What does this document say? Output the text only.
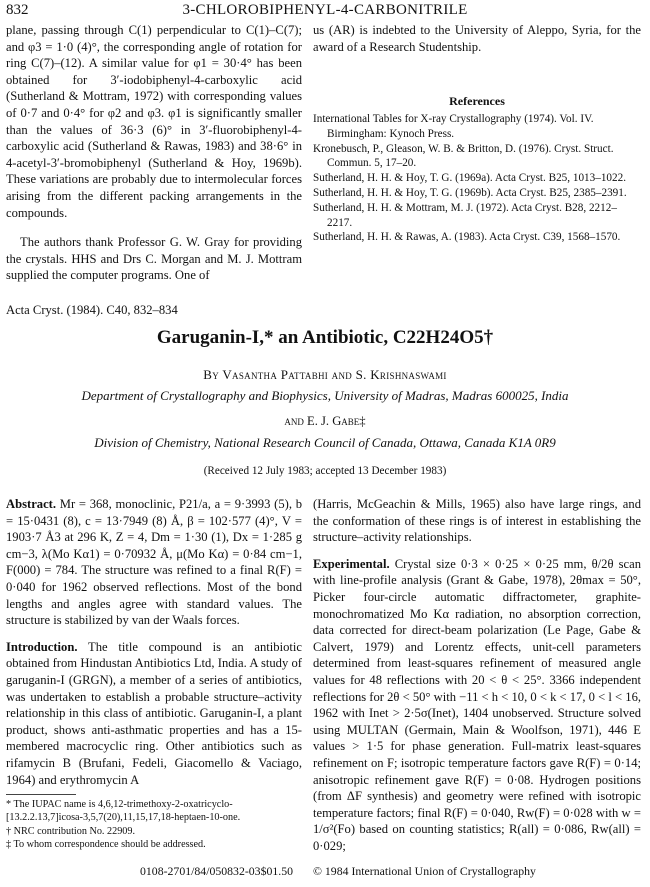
832	3-CHLOROBIPHENYL-4-CARBONITRILE

plane, passing through C(1) perpendicular to C(1)–C(7); and φ3 = 1·0 (4)°, the corresponding angle of rotation for ring C(7)–(12). A similar value for φ1 = 30·4° has been obtained for 3′-iodobiphenyl-4-carboxylic acid (Sutherland & Mottram, 1972) with corresponding values of 0·7 and 0·4° for φ2 and φ3. φ1 is significantly smaller than the values of 36·3 (6)° in 3′-fluorobiphenyl-4-carboxylic acid (Sutherland & Rawas, 1983) and 38·6° in 4-acetyl-3′-bromobiphenyl (Sutherland & Hoy, 1969b). These variations are probably due to intermolecular forces arising from the different packing arrangements in the compounds.

The authors thank Professor G. W. Gray for providing the crystals. HHS and Drs C. Morgan and M. J. Mottram supplied the computer programs. One of

us (AR) is indebted to the University of Aleppo, Syria, for the award of a Research Studentship.

References

International Tables for X-ray Crystallography (1974). Vol. IV. Birmingham: Kynoch Press.

Kronebusch, P., Gleason, W. B. & Britton, D. (1976). Cryst. Struct. Commun. 5, 17–20.

Sutherland, H. H. & Hoy, T. G. (1969a). Acta Cryst. B25, 1013–1022.

Sutherland, H. H. & Hoy, T. G. (1969b). Acta Cryst. B25, 2385–2391.

Sutherland, H. H. & Mottram, M. J. (1972). Acta Cryst. B28, 2212–2217.

Sutherland, H. H. & Rawas, A. (1983). Acta Cryst. C39, 1568–1570.

Acta Cryst. (1984). C40, 832–834
Garuganin-I,* an Antibiotic, C22H24O5†
By Vasantha Pattabhi and S. Krishnaswami
Department of Crystallography and Biophysics, University of Madras, Madras 600025, India
and E. J. Gabe‡
Division of Chemistry, National Research Council of Canada, Ottawa, Canada K1A 0R9
(Received 12 July 1983; accepted 13 December 1983)

Abstract. Mr = 368, monoclinic, P21/a, a = 9·3993 (5), b = 15·0431 (8), c = 13·7949 (8) Å, β = 102·577 (4)°, V = 1903·7 Å3 at 296 K, Z = 4, Dm = 1·30 (1), Dx = 1·285 g cm−3, λ(Mo Kα1) = 0·70932 Å, μ(Mo Kα) = 0·84 cm−1, F(000) = 784. The structure was refined to a final R(F) = 0·040 for 1962 observed reflections. Most of the bond lengths and angles agree with standard values. The structure is stabilized by van der Waals forces.

Introduction. The title compound is an antibiotic obtained from Hindustan Antibiotics Ltd, India. A study of garuganin-I (GRGN), a member of a series of antibiotics, was undertaken to establish a probable structure–activity relationship in this class of antibiotic. Garuganin-I, a plant product, shows anti-asthmatic properties and has a 15-membered macrocyclic ring. Other antibiotics such as rifamycin B (Brufani, Fedeli, Giacomello & Vaciago, 1964) and erythromycin A

* The IUPAC name is 4,6,12-trimethoxy-2-oxatricyclo-[13.2.2.13,7]icosa-3,5,7(20),11,15,17,18-heptaen-10-one.
† NRC contribution No. 22909.
‡ To whom correspondence should be addressed.

(Harris, McGeachin & Mills, 1965) also have large rings, and the conformation of these rings is of interest in establishing the structure–activity relationships.

Experimental. Crystal size 0·3 × 0·25 × 0·25 mm, θ/2θ scan with line-profile analysis (Grant & Gabe, 1978), 2θmax = 50°, Picker four-circle automatic diffractometer, graphite-monochromatized Mo Kα radiation, no absorption correction, data corrected for direct-beam polarization (Le Page, Gabe & Calvert, 1979) and Lorentz effects, unit-cell parameters determined from least-squares refinement of measured angle values for 48 reflections with 20 < θ < 25°. 3366 independent reflections for 2θ < 50° with −11 < h < 10, 0 < k < 17, 0 < l < 16, 1962 with Inet > 2·5σ(Inet), 1404 unobserved. Structure solved using MULTAN (Germain, Main & Woolfson, 1971), 446 E values > 1·5 for phase generation. Full-matrix least-squares refinement on F; isotropic temperature factors gave R(F) = 0·14; anisotropic refinement gave R(F) = 0·08. Hydrogen positions (from ΔF synthesis) and geometry were refined with isotropic temperature factors; final R(F) = 0·040, Rw(F) = 0·028 with w = 1/σ²(Fo) based on counting statistics; R(all) = 0·086, Rw(all) = 0·029;

0108-2701/84/050832-03$01.50 © 1984 International Union of Crystallography
